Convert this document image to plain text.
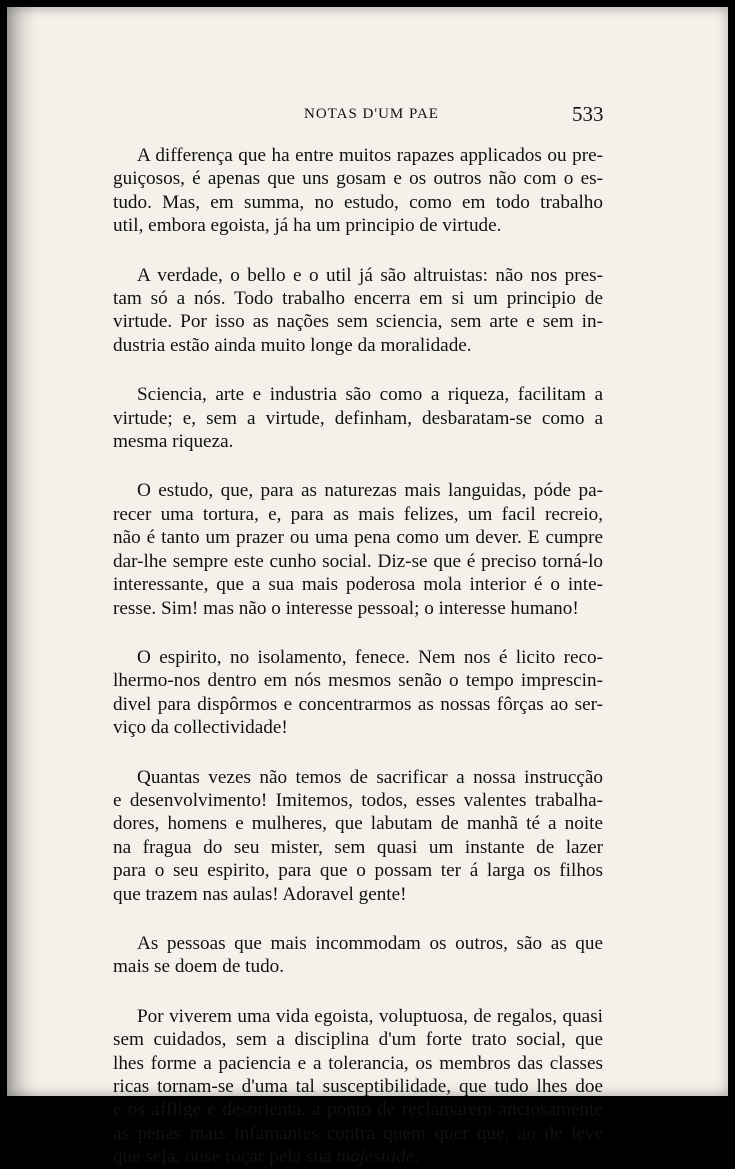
NOTAS D'UM PAE	533

A differença que ha entre muitos rapazes applicados ou pre-
guiçosos, é apenas que uns gosam e os outros não com o es-
tudo. Mas, em summa, no estudo, como em todo trabalho
util, embora egoista, já ha um principio de virtude.

A verdade, o bello e o util já são altruistas: não nos pres-
tam só a nós. Todo trabalho encerra em si um principio de
virtude. Por isso as nações sem sciencia, sem arte e sem in-
dustria estão ainda muito longe da moralidade.

Sciencia, arte e industria são como a riqueza, facilitam a
virtude; e, sem a virtude, definham, desbaratam-se como a
mesma riqueza.

O estudo, que, para as naturezas mais languidas, póde pa-
recer uma tortura, e, para as mais felizes, um facil recreio,
não é tanto um prazer ou uma pena como um dever. E cumpre
dar-lhe sempre este cunho social. Diz-se que é preciso torná-lo
interessante, que a sua mais poderosa mola interior é o inte-
resse. Sim! mas não o interesse pessoal; o interesse humano!

O espirito, no isolamento, fenece. Nem nos é licito reco-
lhermo-nos dentro em nós mesmos senão o tempo imprescin-
divel para dispôrmos e concentrarmos as nossas fôrças ao ser-
viço da collectividade!

Quantas vezes não temos de sacrificar a nossa instrucção
e desenvolvimento! Imitemos, todos, esses valentes trabalha-
dores, homens e mulheres, que labutam de manhã té a noite
na fragua do seu mister, sem quasi um instante de lazer
para o seu espirito, para que o possam ter á larga os filhos
que trazem nas aulas! Adoravel gente!

As pessoas que mais incommodam os outros, são as que
mais se doem de tudo.

Por viverem uma vida egoista, voluptuosa, de regalos, quasi
sem cuidados, sem a disciplina d'um forte trato social, que
lhes forme a paciencia e a tolerancia, os membros das classes
ricas tornam-se d'uma tal susceptibilidade, que tudo lhes doe
e os afflige e desorienta, a ponto de reclamarem anciosamente
as penas mais infamantes contra quem quer que, ao de leve
que seja, ouse roçar pela sua majestade.
